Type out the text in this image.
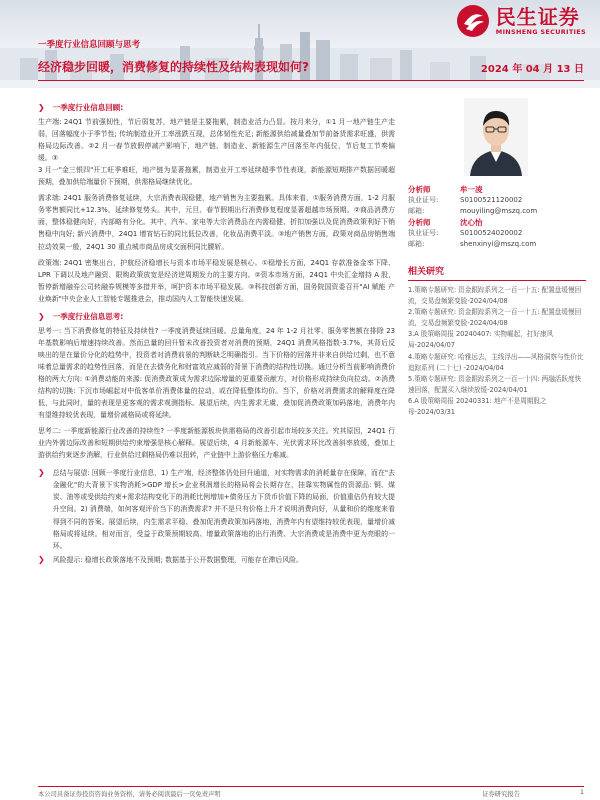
民生证券
MINSHENG SECURITIES
一季度行业信息回顾与思考
经济稳步回暖，消费修复的持续性及结构表现如何?	2024 年 04 月 13 日
❯ 一季度行业信息回顾:
生产端: 24Q1 节前强韧性，节后弱复苏，地产链是主要拖累，制造业活力凸显。按月来分，①1 月一地产链生产走弱，回落幅度小于季节性; 传统制造业开工率涨跌互现，总体韧性充足; 新能源供给减量叠加节前备货需求旺盛，供需格局边际改善。②2 月一春节放假停减产影响下，地产链、制造业、新能源生产回落至年内低位，节后复工节奏偏缓。③
3 月一"金三银四"开工旺季难旺，地产链为显著拖累，制造业开工率延续超季节性表现，新能源短期排产数据回暖超预期，叠加供给端量价下预期，供需格局继续优化。
需求端: 24Q1 服务消费修复延续，大宗消费表现稳健，地产销售为主要拖累。具体来看，①服务消费方面，1-2 月服务零售额同比+12.3%，延续修复势头。其中，元旦、春节假期出行消费修复程度显著超越市场预期。②商品消费方面，整体稳健向好，内部略有分化。其中，汽车、家电等大宗消费品在内需稳健、折扣加强以及促消费政策利好下销售稳中向好; 新兴消费中，24Q1 增宵钻石的同比低位改善，化妆品消费平淡。③地产销售方面，政策对商品房销售端拉动效果一般，24Q1 30 重点城市商品房成交面积同比腰斩。
政策端: 24Q1 密集出台，护航经济稳增长与资本市场平稳发展是核心。①稳增长方面，24Q1 存款准备金率下降、LPR 下调以及地产融资、限购政策放宽是经济逆周期发力的主要方向。②资本市场方面，24Q1 中央汇金增持 A 股，暂停新增融券公司转融券规模等多措并举，呵护资本市场平稳发展。③科技创新方面，国务院国资委召开"AI 赋能 产业焕新"中央企业人工智能专题推进会，推动国内人工智能快速发展。
❯ 一季度行业信息思考:
思考一: 当下消费修复的特征及持续性? 一季度消费延续回暖。总量角度，24 年 1-2 月社零、服务零售额在排除 23 年基数影响后增速持续改善。然而总量的回升暂未改善投资者对消费的预期，24Q1 消费风格指数-3.7%，其背后反映出的是在量价分化的趋势中，投资者对消费前景的判断缺乏明确指引。当下价格的回落并非来自供给过剩，也不意味着总量需求的趋势性回落，而是在去债务化和财富效应减弱的背景下消费的结构性切换。通过分析当前影响消费价格的两大方向: ①消费动能的来源: 促消费政策成为需求边际增量的更重要贡献方，对价格形成持续负向拉动。②消费结构的切换: 下沉市场崛起对中低客单价消费体量的拉动，或在降低整体均价。当下，价格对消费需求的解释度在降低，与此同时，量的表现是更客观的需求观测指标。展望后续，内生需求无虞，叠加促消费政策加码落地，消费年内有望维持较优表现，量增价减格局或将延续。
思考二: 一季度新能源行业改善的持续性? 一季度新能源板块供需格局的改善引起市场较多关注。究其原因，24Q1 行业内外需边际改善和短期供给约束增强是核心解释。展望后续，4 月新能源车、光伏需求环比改善斜率放缓，叠加上游供给约束逐步消解，行业供给过剩格局仍难以扭转，产业链中上游价格压力难减。
❯ 总结与展望: 回顾一季度行业信息，1) 生产端，经济整体仍处回升通道，对实物需求的消耗量存在保障，而在"去金融化"的大背景下实物消耗>GDP 增长>企业利润增长的格局将会长期存在，挂靠实物属性的资源品: 铜、煤炭、油等或受供给约束+需求结构变化下的消耗比例增加+债务压力下货币价值下降的局面，价值重估仍有较大提升空间。2) 消费端，如何客观评价当下的消费需求? 并不是只有价格上升才说明消费向好，从量和价的维度来看得到不同的答案。展望后续，内生需求平稳、叠加促消费政策加码落地，消费年内有望维持较优表现，量增价减格局或将延续。相对而言，受益于政策预期较高、增量政策落地的出行消费、大宗消费或是消费中更为亮眼的一环。
❯ 风险提示: 稳增长政策落地不及预期; 数据基于公开数据整理，可能存在滞后风险。
分析师	牟一凌
执业证号:	S0100521120002
邮箱:	mouyiling@mszq.com
分析师	沈心怡
执业证号:	S0100524020002
邮箱:	shenxinyi@mszq.com
相关研究
1.策略专题研究: 资金跟踪系列之一百一十五: 配置盘缓慢回流，交易盘频繁变脸-2024/04/08
2.策略专题研究: 资金跟踪系列之一百一十五: 配置盘缓慢回流，交易盘频繁变脸-2024/04/08
3.A 股策略周报 20240407: 实物崛起，打好康风局-2024/04/07
4.策略专题研究: 哈雅远去，主线浮出——风格洞察与性价比追踪系列 (二十七) -2024/04/04
5.策略专题研究: 资金跟踪系列之一百一十四: 两融活跃度快速回落，配置买入继续放缓-2024/04/01
6.A 股策略周报 20240331: 地产不是周期股之母-2024/03/31
本公司具备证券投资咨询业务资格，请务必阅读最后一页免责声明	证券研究报告	1
